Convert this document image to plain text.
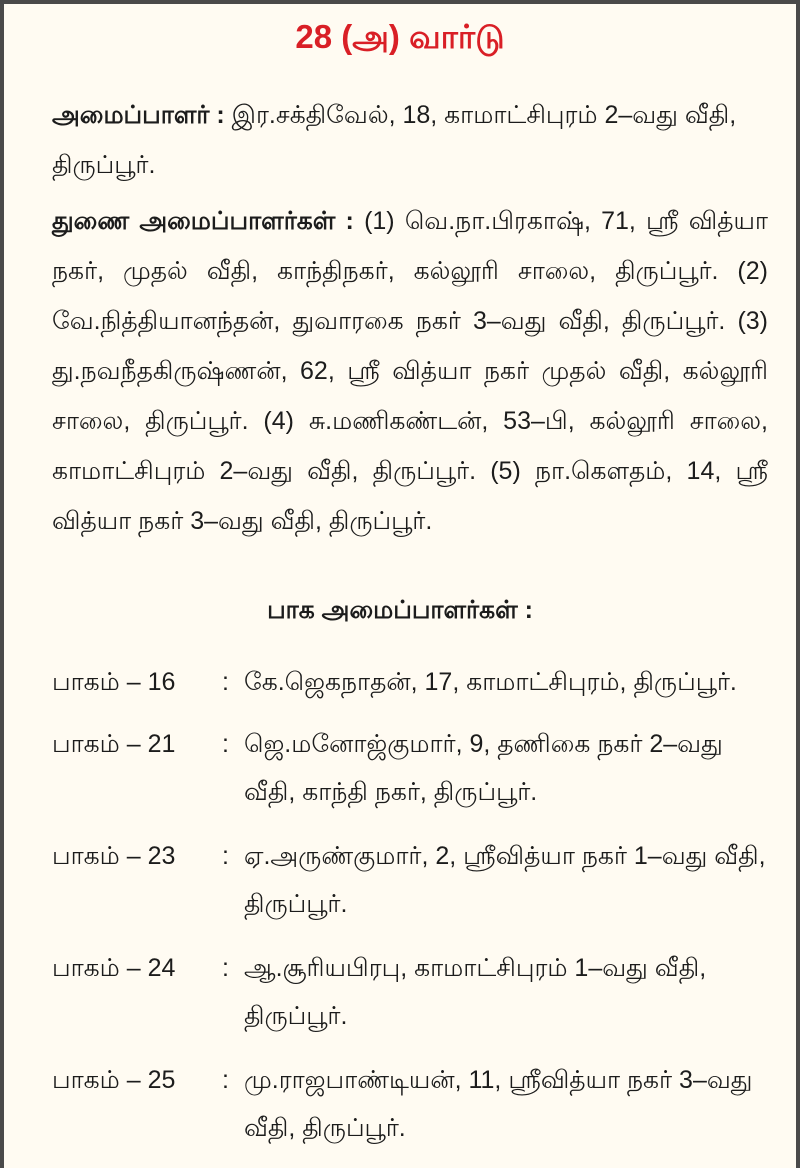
28 (அ) வார்டு

அமைப்பாளர் : இர.சக்திவேல், 18, காமாட்சிபுரம் 2–வது வீதி, திருப்பூர்.

துணை அமைப்பாளர்கள் : (1) வெ.நா.பிரகாஷ், 71, ஸ்ரீ வித்யா நகர், முதல் வீதி, காந்திநகர், கல்லூரி சாலை, திருப்பூர். (2) வே.நித்தியானந்தன், துவாரகை நகர் 3–வது வீதி, திருப்பூர். (3) து.நவநீதகிருஷ்ணன், 62, ஸ்ரீ வித்யா நகர் முதல் வீதி, கல்லூரி சாலை, திருப்பூர். (4) சு.மணிகண்டன், 53–பி, கல்லூரி சாலை, காமாட்சிபுரம் 2–வது வீதி, திருப்பூர். (5) நா.கௌதம், 14, ஸ்ரீ வித்யா நகர் 3–வது வீதி, திருப்பூர்.

பாக அமைப்பாளர்கள் :
பாகம் – 16	: கே.ஜெகநாதன், 17, காமாட்சிபுரம், திருப்பூர்.
பாகம் – 21	: ஜெ.மனோஜ்குமார், 9, தணிகை நகர் 2–வது வீதி, காந்தி நகர், திருப்பூர்.
பாகம் – 23	: ஏ.அருண்குமார், 2, ஸ்ரீவித்யா நகர் 1–வது வீதி, திருப்பூர்.
பாகம் – 24	: ஆ.சூரியபிரபு, காமாட்சிபுரம் 1–வது வீதி, திருப்பூர்.
பாகம் – 25	: மு.ராஜபாண்டியன், 11, ஸ்ரீவித்யா நகர் 3–வது வீதி, திருப்பூர்.
